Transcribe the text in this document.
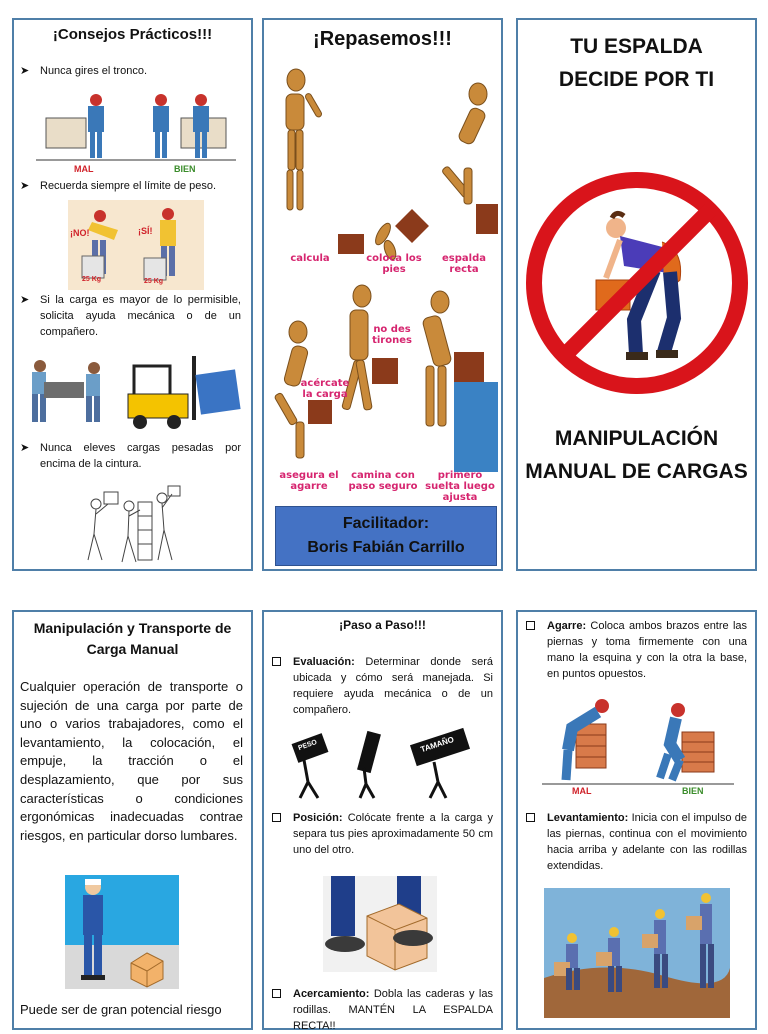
¡Consejos Prácticos!!!
➤ Nunca gires el tronco.
MAL	BIEN
➤ Recuerda siempre el límite de peso.
¡NO!	¡SÍ!
25 Kg	25 Kg
➤ Si la carga es mayor de lo permisible, solicita ayuda mecánica o de un compañero.
➤ Nunca eleves cargas pesadas por encima de la cintura.
¡Repasemos!!!
calcula	coloca los pies
espalda recta
no des tirones
acércate la carga
asegura el agarre
camina con paso seguro
primero suelta luego ajusta
Facilitador:
Boris Fabián Carrillo
TU ESPALDA DECIDE POR TI
MANIPULACIÓN MANUAL DE CARGAS
Manipulación y Transporte de Carga Manual
Cualquier operación de transporte o sujeción de una carga por parte de uno o varios trabajadores, como el levantamiento, la colocación, el empuje, la tracción o el desplazamiento, que por sus características o condiciones ergonómicas inadecuadas contrae riesgos, en particular dorso lumbares.
Puede ser de gran potencial riesgo
¡Paso a Paso!!!
Evaluación: Determinar donde será ubicada y cómo será manejada. Si requiere ayuda mecánica o de un compañero.
PESO	TAMAÑO
Posición: Colócate frente a la carga y separa tus pies aproximadamente 50 cm uno del otro.
Acercamiento: Dobla las caderas y las rodillas. MANTÉN LA ESPALDA RECTA!!
Agarre: Coloca ambos brazos entre las piernas y toma firmemente con una mano la esquina y con la otra la base, en puntos opuestos.
MAL	BIEN
Levantamiento: Inicia con el impulso de las piernas, continua con el movimiento hacia arriba y adelante con las rodillas extendidas.
